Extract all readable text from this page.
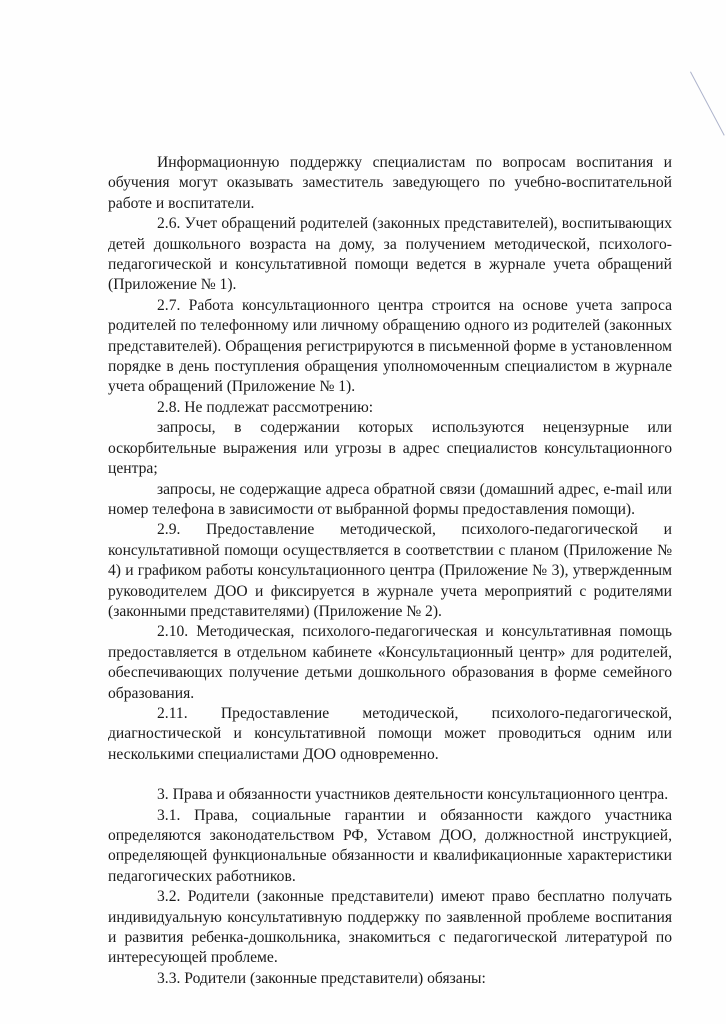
Информационную поддержку специалистам по вопросам воспитания и обучения могут оказывать заместитель заведующего по учебно-воспитательной работе и воспитатели.

2.6. Учет обращений родителей (законных представителей), воспитывающих детей дошкольного возраста на дому, за получением методической, психолого-педагогической и консультативной помощи ведется в журнале учета обращений (Приложение № 1).

2.7. Работа консультационного центра строится на основе учета запроса родителей по телефонному или личному обращению одного из родителей (законных представителей). Обращения регистрируются в письменной форме в установленном порядке в день поступления обращения уполномоченным специалистом в журнале учета обращений (Приложение № 1).

2.8. Не подлежат рассмотрению:

запросы, в содержании которых используются нецензурные или оскорбительные выражения или угрозы в адрес специалистов консультационного центра;

запросы, не содержащие адреса обратной связи (домашний адрес, e-mail или номер телефона в зависимости от выбранной формы предоставления помощи).

2.9. Предоставление методической, психолого-педагогической и консультативной помощи осуществляется в соответствии с планом (Приложение № 4) и графиком работы консультационного центра (Приложение № 3), утвержденным руководителем ДОО и фиксируется в журнале учета мероприятий с родителями (законными представителями) (Приложение № 2).

2.10. Методическая, психолого-педагогическая и консультативная помощь предоставляется в отдельном кабинете «Консультационный центр» для родителей, обеспечивающих получение детьми дошкольного образования в форме семейного образования.

2.11. Предоставление методической, психолого-педагогической, диагностической и консультативной помощи может проводиться одним или несколькими специалистами ДОО одновременно.

3. Права и обязанности участников деятельности консультационного центра.

3.1. Права, социальные гарантии и обязанности каждого участника определяются законодательством РФ, Уставом ДОО, должностной инструкцией, определяющей функциональные обязанности и квалификационные характеристики педагогических работников.

3.2. Родители (законные представители) имеют право бесплатно получать индивидуальную консультативную поддержку по заявленной проблеме воспитания и развития ребенка-дошкольника, знакомиться с педагогической литературой по интересующей проблеме.

3.3. Родители (законные представители) обязаны:
